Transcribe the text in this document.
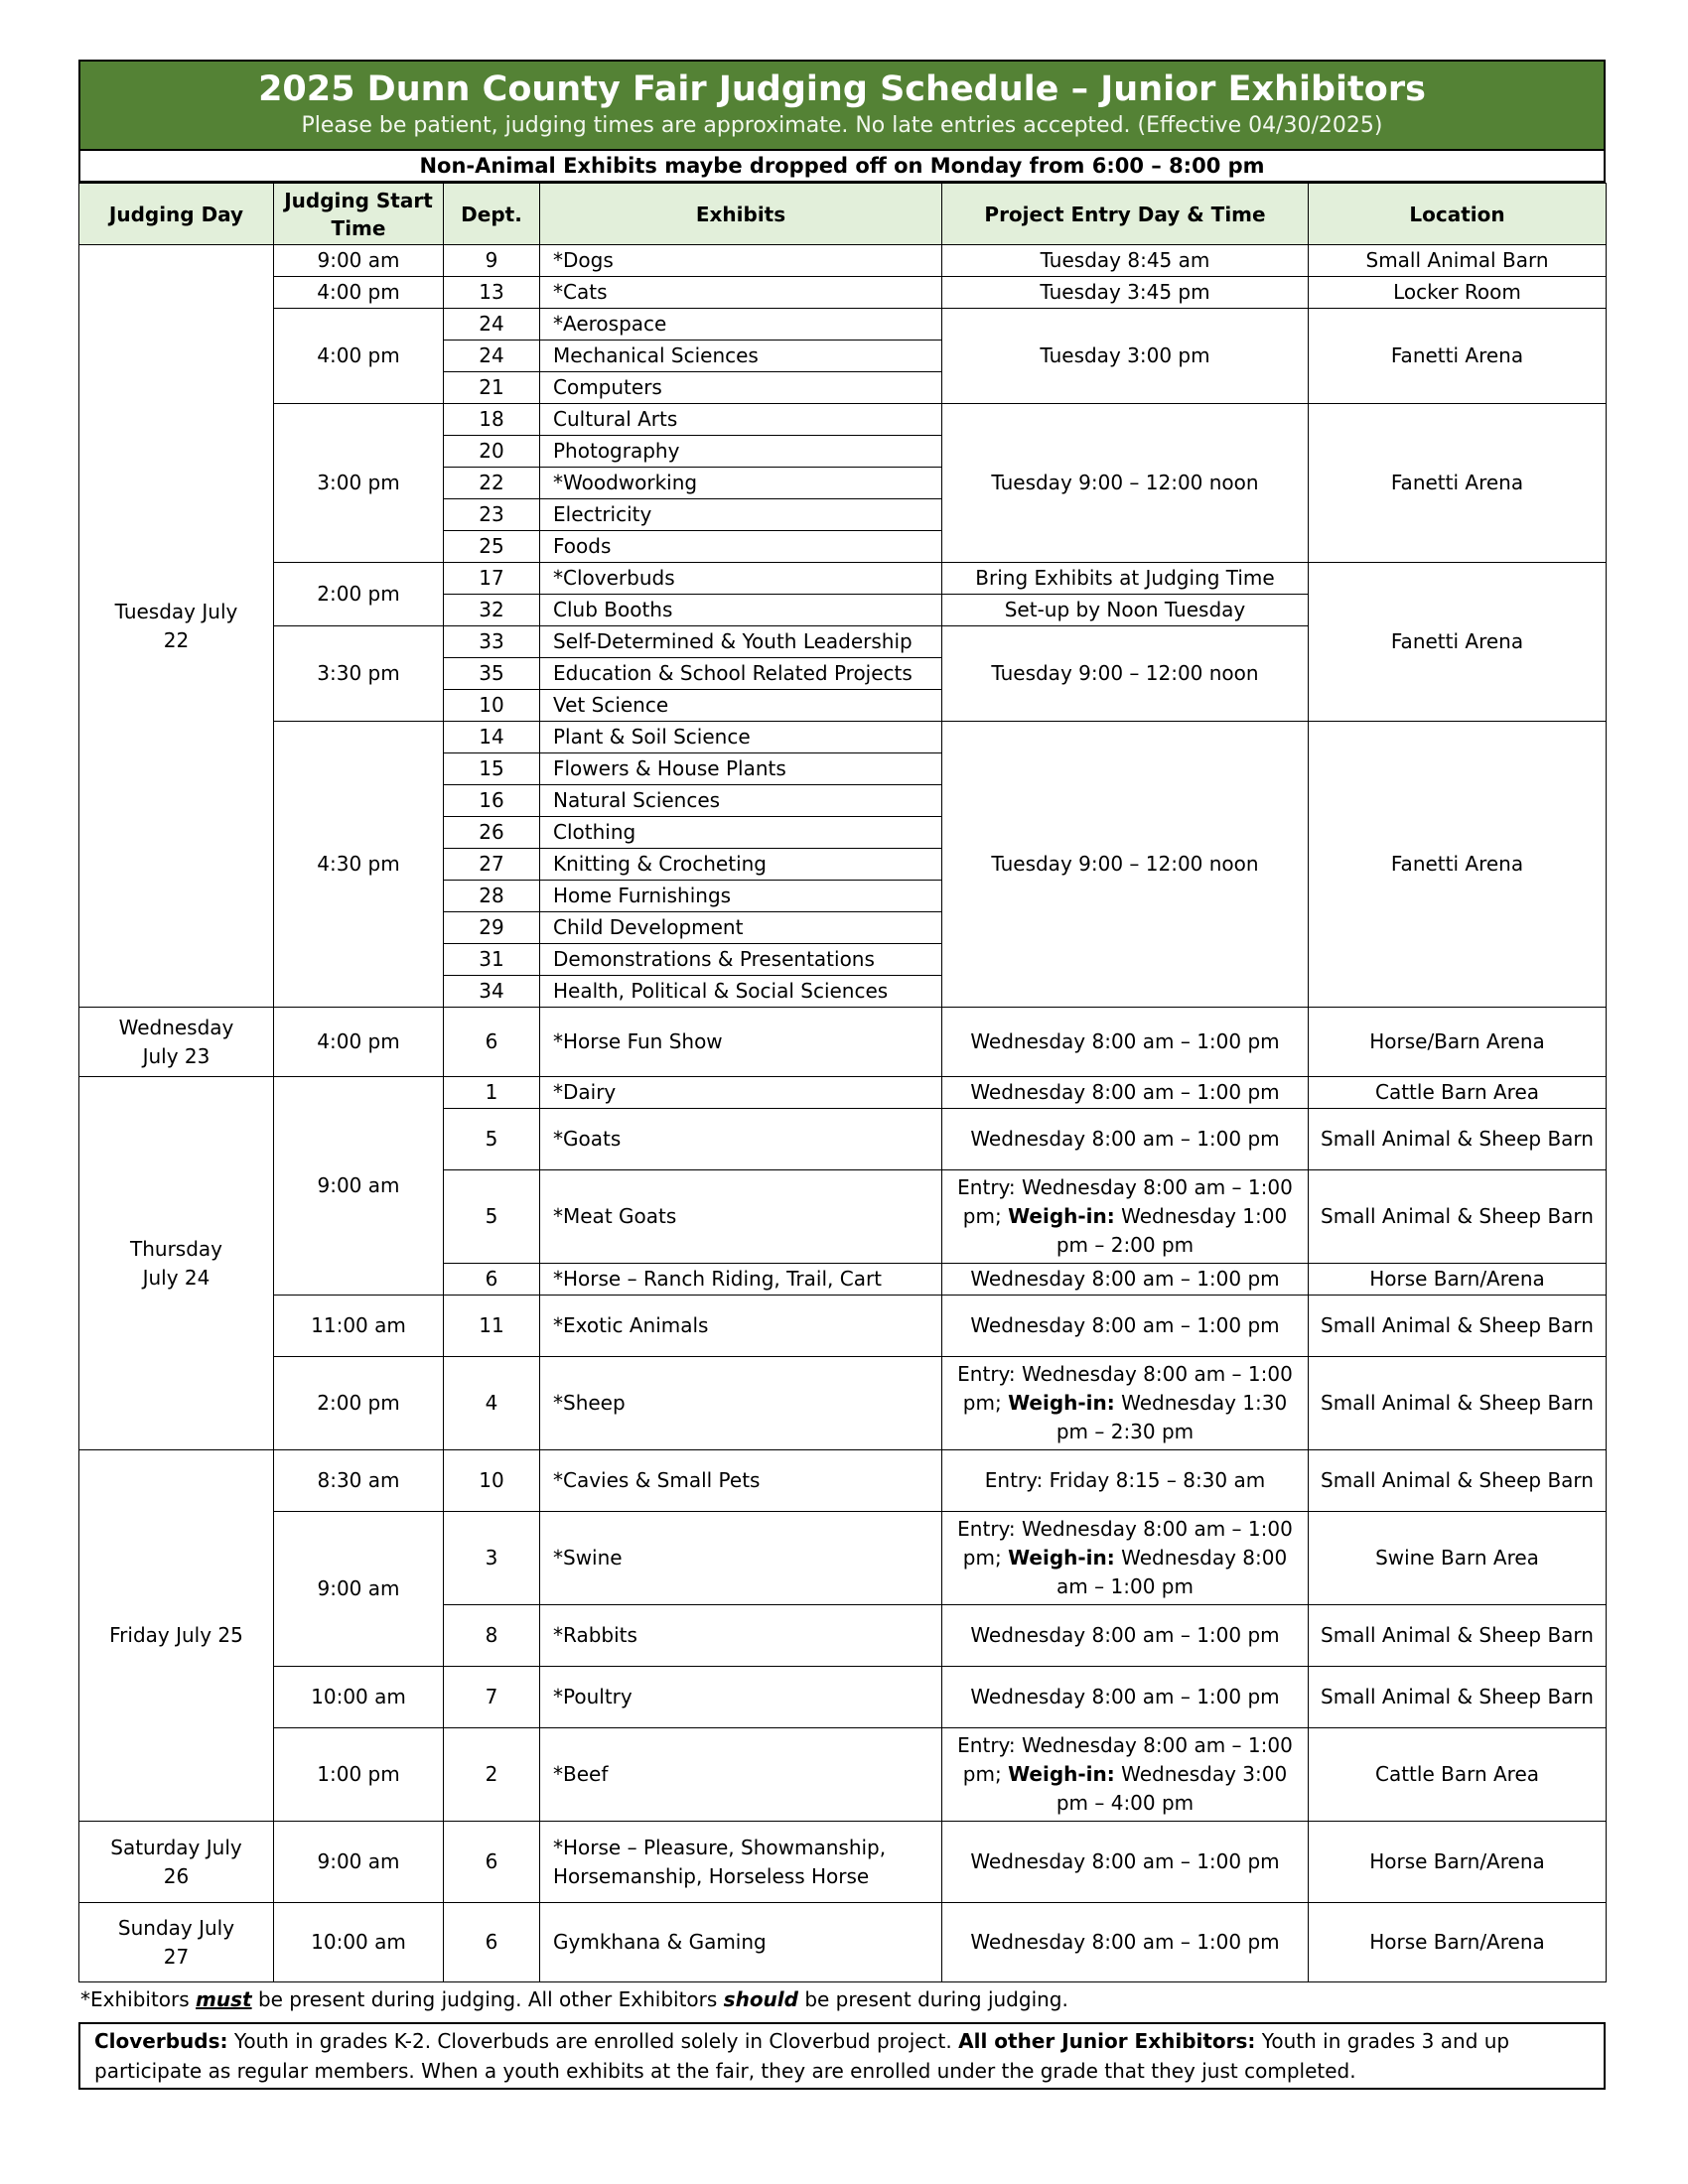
2025 Dunn County Fair Judging Schedule – Junior Exhibitors
Please be patient, judging times are approximate. No late entries accepted. (Effective 04/30/2025)
Non-Animal Exhibits maybe dropped off on Monday from 6:00 – 8:00 pm
Judging Day	Judging Start Time	Dept.	Exhibits	Project Entry Day & Time	Location
Tuesday July 22	9:00 am	9	*Dogs	Tuesday 8:45 am	Small Animal Barn
	4:00 pm	13	*Cats	Tuesday 3:45 pm	Locker Room
	4:00 pm	24	*Aerospace	Tuesday 3:00 pm	Fanetti Arena
		24	Mechanical Sciences		
		21	Computers		
	3:00 pm	18	Cultural Arts	Tuesday 9:00 – 12:00 noon	Fanetti Arena
		20	Photography		
		22	*Woodworking		
		23	Electricity		
		25	Foods		
	2:00 pm	17	*Cloverbuds	Bring Exhibits at Judging Time	Fanetti Arena
		32	Club Booths	Set-up by Noon Tuesday	
	3:30 pm	33	Self-Determined & Youth Leadership	Tuesday 9:00 – 12:00 noon	
		35	Education & School Related Projects		
		10	Vet Science		
	4:30 pm	14	Plant & Soil Science	Tuesday 9:00 – 12:00 noon	Fanetti Arena
		15	Flowers & House Plants		
		16	Natural Sciences		
		26	Clothing		
		27	Knitting & Crocheting		
		28	Home Furnishings		
		29	Child Development		
		31	Demonstrations & Presentations		
		34	Health, Political & Social Sciences		
Wednesday July 23	4:00 pm	6	*Horse Fun Show	Wednesday 8:00 am – 1:00 pm	Horse/Barn Arena
Thursday July 24	9:00 am	1	*Dairy	Wednesday 8:00 am – 1:00 pm	Cattle Barn Area
		5	*Goats	Wednesday 8:00 am – 1:00 pm	Small Animal & Sheep Barn
		5	*Meat Goats	Entry: Wednesday 8:00 am – 1:00 pm; Weigh-in: Wednesday 1:00 pm – 2:00 pm	Small Animal & Sheep Barn
		6	*Horse – Ranch Riding, Trail, Cart	Wednesday 8:00 am – 1:00 pm	Horse Barn/Arena
	11:00 am	11	*Exotic Animals	Wednesday 8:00 am – 1:00 pm	Small Animal & Sheep Barn
	2:00 pm	4	*Sheep	Entry: Wednesday 8:00 am – 1:00 pm; Weigh-in: Wednesday 1:30 pm – 2:30 pm	Small Animal & Sheep Barn
Friday July 25	8:30 am	10	*Cavies & Small Pets	Entry: Friday 8:15 – 8:30 am	Small Animal & Sheep Barn
	9:00 am	3	*Swine	Entry: Wednesday 8:00 am – 1:00 pm; Weigh-in: Wednesday 8:00 am – 1:00 pm	Swine Barn Area
		8	*Rabbits	Wednesday 8:00 am – 1:00 pm	Small Animal & Sheep Barn
	10:00 am	7	*Poultry	Wednesday 8:00 am – 1:00 pm	Small Animal & Sheep Barn
	1:00 pm	2	*Beef	Entry: Wednesday 8:00 am – 1:00 pm; Weigh-in: Wednesday 3:00 pm – 4:00 pm	Cattle Barn Area
Saturday July 26	9:00 am	6	*Horse – Pleasure, Showmanship, Horsemanship, Horseless Horse	Wednesday 8:00 am – 1:00 pm	Horse Barn/Arena
Sunday July 27	10:00 am	6	Gymkhana & Gaming	Wednesday 8:00 am – 1:00 pm	Horse Barn/Arena
*Exhibitors must be present during judging. All other Exhibitors should be present during judging.
Cloverbuds: Youth in grades K-2. Cloverbuds are enrolled solely in Cloverbud project. All other Junior Exhibitors: Youth in grades 3 and up participate as regular members. When a youth exhibits at the fair, they are enrolled under the grade that they just completed.
